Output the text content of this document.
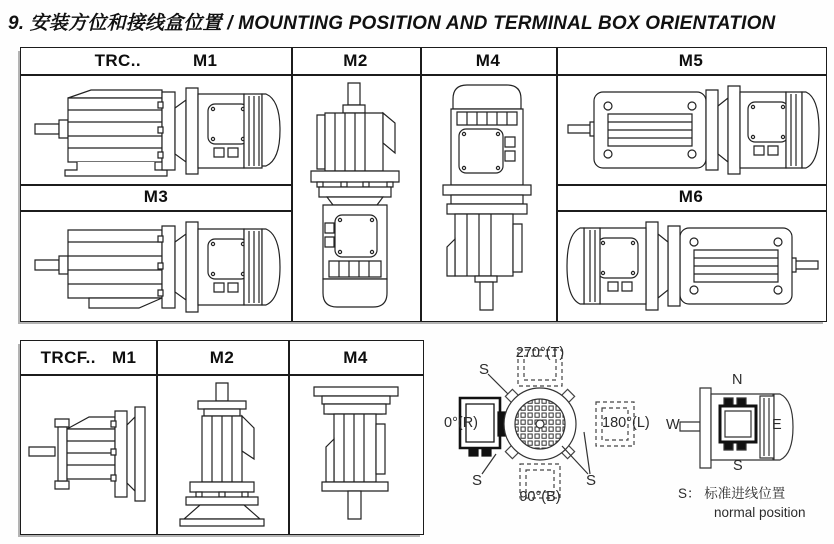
9. 安装方位和接线盒位置 / MOUNTING POSITION AND TERMINAL BOX ORIENTATION
TRC..	M1	M2	M4	M5
M3	M6
TRCF.. M1	M2	M4	270°(T)
S
0°(R)	180°(L)
S	S
90°(B)
N
W	E
S
S： 标准进线位置
normal position
